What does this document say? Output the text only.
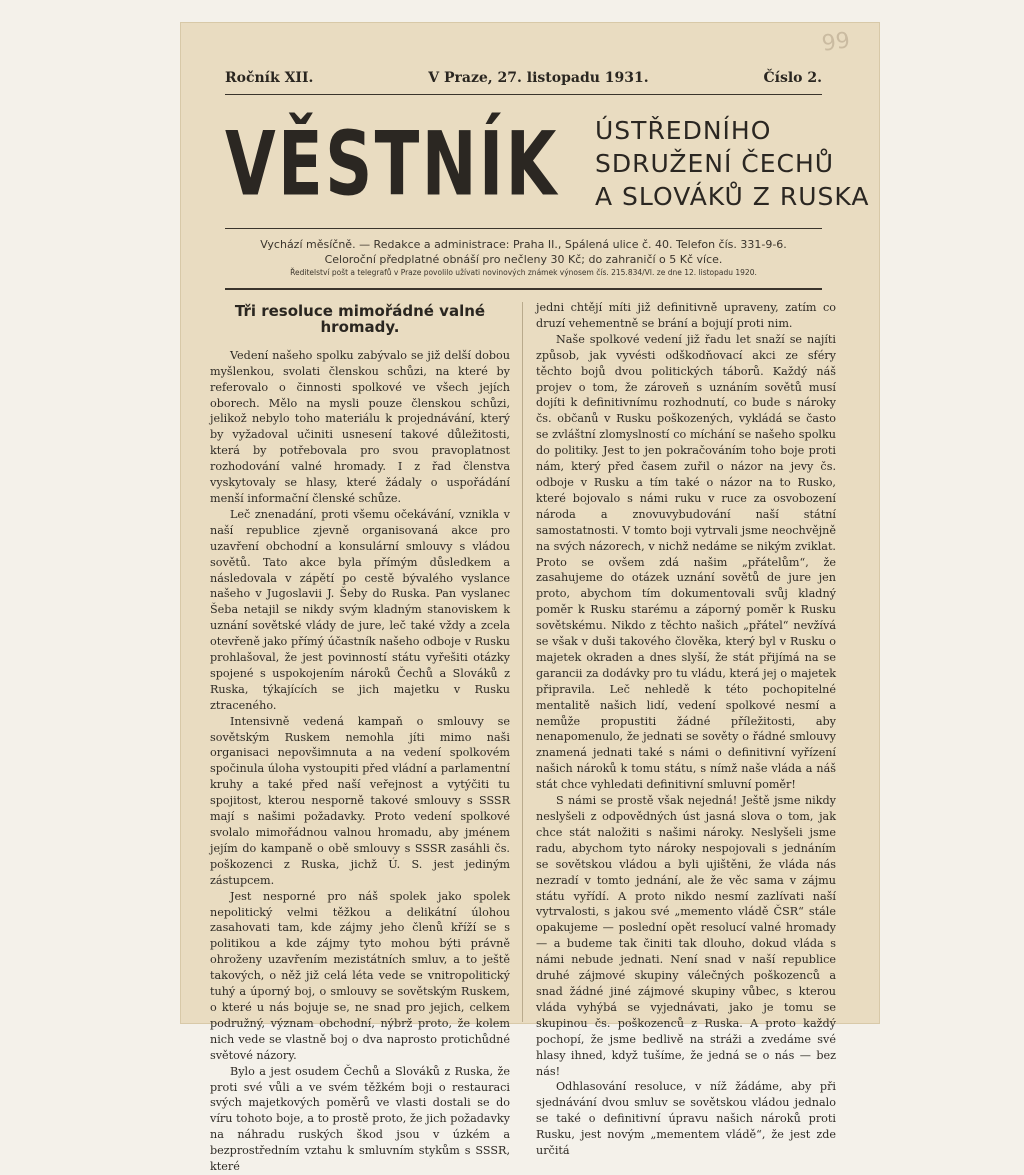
99
Ročník XII.	V Praze, 27. listopadu 1931.	Číslo 2.
VĚSTNÍK ÚSTŘEDNÍHO
SDRUŽENÍ ČECHŮ
A SLOVÁKŮ Z RUSKA
Vychází měsíčně. — Redakce a administrace: Praha II., Spálená ulice č. 40. Telefon čís. 331-9-6.
Celoroční předplatné obnáší pro nečleny 30 Kč; do zahraničí o 5 Kč více.
Ředitelství pošt a telegrafů v Praze povolilo užívati novinových známek výnosem čís. 215.834/VI. ze dne 12. listopadu 1920.
Tři resoluce mimořádné valné hromady.

Vedení našeho spolku zabývalo se již delší dobou myšlenkou, svolati členskou schůzi, na které by referovalo o činnosti spolkové ve všech jejích oborech. Mělo na mysli pouze členskou schůzi, jelikož nebylo toho materiálu k projednávání, který by vyžadoval učiniti usnesení takové důležitosti, která by potřebovala pro svou pravoplatnost rozhodování valné hromady. I z řad členstva vyskytovaly se hlasy, které žádaly o uspořádání menší informační členské schůze.

Leč znenadání, proti všemu očekávání, vznikla v naší republice zjevně organisovaná akce pro uzavření obchodní a konsulární smlouvy s vládou sovětů. Tato akce byla přímým důsledkem a následovala v zápětí po cestě bývalého vyslance našeho v Jugoslavii J. Šeby do Ruska. Pan vyslanec Šeba netajil se nikdy svým kladným stanoviskem k uznání sovětské vlády de jure, leč také vždy a zcela otevřeně jako přímý účastník našeho odboje v Rusku prohlašoval, že jest povinností státu vyřešiti otázky spojené s uspokojením nároků Čechů a Slováků z Ruska, týkajících se jich majetku v Rusku ztraceného.

Intensivně vedená kampaň o smlouvy se sovětským Ruskem nemohla jíti mimo naši organisaci nepovšimnuta a na vedení spolkovém spočinula úloha vystoupiti před vládní a parlamentní kruhy a také před naší veřejnost a vytýčiti tu spojitost, kterou nesporně takové smlouvy s SSSR mají s našimi požadavky. Proto vedení spolkové svolalo mimořádnou valnou hromadu, aby jménem jejím do kampaně o obě smlouvy s SSSR zasáhli čs. poškozenci z Ruska, jichž Ú. S. jest jediným zástupcem.

Jest nesporné pro náš spolek jako spolek nepolitický velmi těžkou a delikátní úlohou zasahovati tam, kde zájmy jeho členů kříží se s politikou a kde zájmy tyto mohou býti právně ohroženy uzavřením mezistátních smluv, a to ještě takových, o něž již celá léta vede se vnitropolitický tuhý a úporný boj, o smlouvy se sovětským Ruskem, o které u nás bojuje se, ne snad pro jejich, celkem podružný, význam obchodní, nýbrž proto, že kolem nich vede se vlastně boj o dva naprosto protichůdné světové názory.

Bylo a jest osudem Čechů a Slováků z Ruska, že proti své vůli a ve svém těžkém boji o restauraci svých majetkových poměrů ve vlasti dostali se do víru tohoto boje, a to prostě proto, že jich požadavky na náhradu ruských škod jsou v úzkém a bezprostředním vztahu k smluvním stykům s SSSR, které

jedni chtějí míti již definitivně upraveny, zatím co druzí vehementně se brání a bojují proti nim.

Naše spolkové vedení již řadu let snaží se najíti způsob, jak vyvésti odškodňovací akci ze sféry těchto bojů dvou politických táborů. Každý náš projev o tom, že zároveň s uznáním sovětů musí dojíti k definitivnímu rozhodnutí, co bude s nároky čs. občanů v Rusku poškozených, vykládá se často se zvláštní zlomyslností co míchání se našeho spolku do politiky. Jest to jen pokračováním toho boje proti nám, který před časem zuřil o názor na jevy čs. odboje v Rusku a tím také o názor na to Rusko, které bojovalo s námi ruku v ruce za osvobození národa a znovuvybudování naší státní samostatnosti. V tomto boji vytrvali jsme neochvějně na svých názorech, v nichž nedáme se nikým zviklat. Proto se ovšem zdá našim „přátelům“, že zasahujeme do otázek uznání sovětů de jure jen proto, abychom tím dokumentovali svůj kladný poměr k Rusku starému a záporný poměr k Rusku sovětskému. Nikdo z těchto našich „přátel“ nevžívá se však v duši takového člověka, který byl v Rusku o majetek okraden a dnes slyší, že stát přijímá na se garancii za dodávky pro tu vládu, která jej o majetek připravila. Leč nehledě k této pochopitelné mentalitě našich lidí, vedení spolkové nesmí a nemůže propustiti žádné příležitosti, aby nenapomenulo, že jednati se sověty o řádné smlouvy znamená jednati také s námi o definitivní vyřízení našich nároků k tomu státu, s nímž naše vláda a náš stát chce vyhledati definitivní smluvní poměr!

S námi se prostě však nejedná! Ještě jsme nikdy neslyšeli z odpovědných úst jasná slova o tom, jak chce stát naložiti s našimi nároky. Neslyšeli jsme radu, abychom tyto nároky nespojovali s jednáním se sovětskou vládou a byli ujištěni, že vláda nás nezradí v tomto jednání, ale že věc sama v zájmu státu vyřídí. A proto nikdo nesmí zazlívati naší vytrvalosti, s jakou své „memento vládě ČSR“ stále opakujeme — poslední opět resolucí valné hromady — a budeme tak činiti tak dlouho, dokud vláda s námi nebude jednati. Není snad v naší republice druhé zájmové skupiny válečných poškozenců a snad žádné jiné zájmové skupiny vůbec, s kterou vláda vyhýbá se vyjednávati, jako je tomu se skupinou čs. poškozenců z Ruska. A proto každý pochopí, že jsme bedlivě na stráži a zvedáme své hlasy ihned, když tušíme, že jedná se o nás — bez nás!

Odhlasování resoluce, v níž žádáme, aby při sjednávání dvou smluv se sovětskou vládou jednalo se také o definitivní úpravu našich nároků proti Rusku, jest novým „mementem vládě“, že jest zde určitá
